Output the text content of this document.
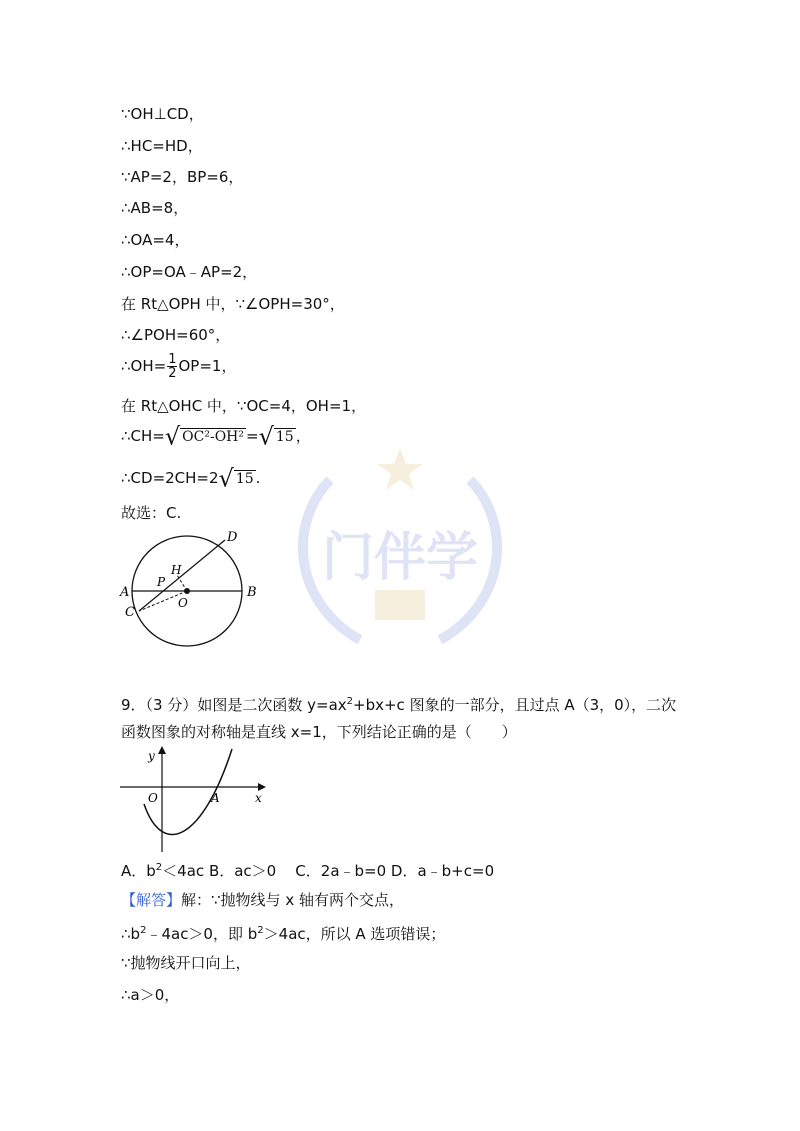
门伴学
∵OH⊥CD，
∴HC=HD，
∵AP=2，BP=6，
∴AB=8，
∴OA=4，
∴OP=OA﹣AP=2，
在 Rt△OPH 中，∵∠OPH=30°，
∴∠POH=60°，
∴OH= $\frac{1}{2} OP=1$，
在 Rt△OHC 中，∵OC=4，OH=1，
∴CH=√ OC²-OH² =√ 15 ，
∴CD=2CH=2√ 15 .
故选：C.
A	B
C
D
P
H
O
9．（3 分）如图是二次函数 $y=ax^2+bx+c$ 图象的一部分，且过点 A（3，0），二次
函数图象的对称轴是直线 x=1，下列结论正确的是（　　）
y
x
O	A
A．$b^2<4ac$ B．ac＞0 C．2a﹣b=0 D．a﹣b+c=0
【解答】解：∵抛物线与 x 轴有两个交点，
$\therefore b^2﹣4ac>0$，即 $b^2>4ac$，所以 A 选项错误；
∵抛物线开口向上，
∴a＞0，
